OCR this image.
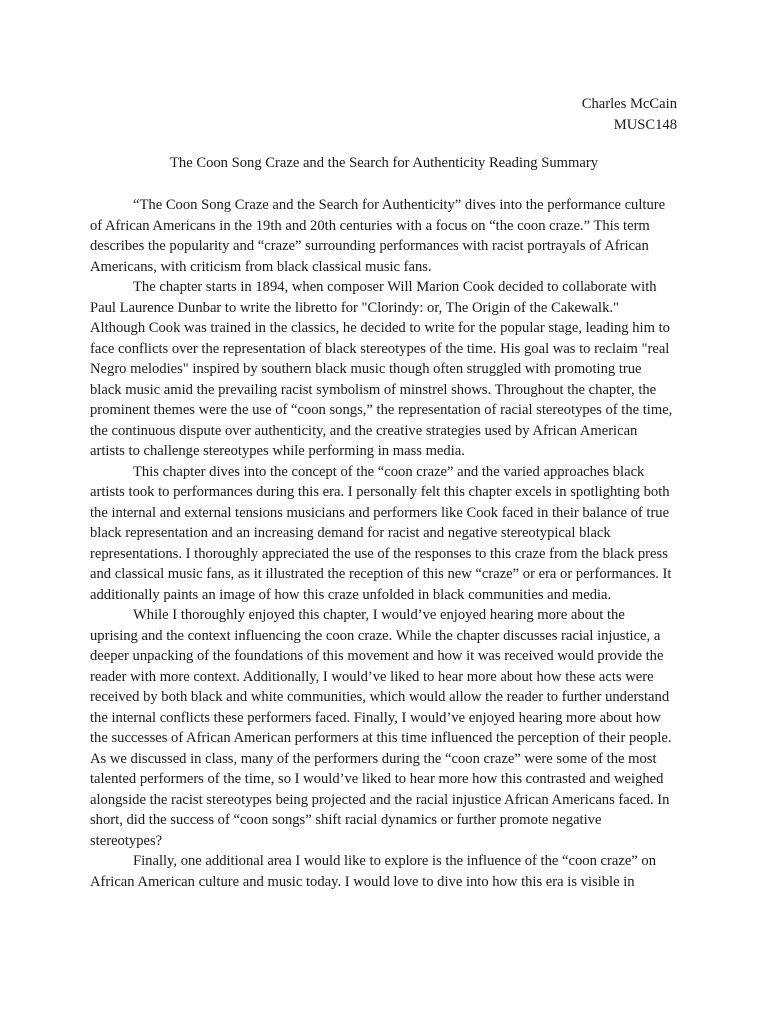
Charles McCain
MUSC148
The Coon Song Craze and the Search for Authenticity Reading Summary

“The Coon Song Craze and the Search for Authenticity” dives into the performance culture of African Americans in the 19th and 20th centuries with a focus on “the coon craze.” This term describes the popularity and “craze” surrounding performances with racist portrayals of African Americans, with criticism from black classical music fans.

The chapter starts in 1894, when composer Will Marion Cook decided to collaborate with Paul Laurence Dunbar to write the libretto for "Clorindy: or, The Origin of the Cakewalk." Although Cook was trained in the classics, he decided to write for the popular stage, leading him to face conflicts over the representation of black stereotypes of the time. His goal was to reclaim "real Negro melodies" inspired by southern black music though often struggled with promoting true black music amid the prevailing racist symbolism of minstrel shows. Throughout the chapter, the prominent themes were the use of “coon songs,” the representation of racial stereotypes of the time, the continuous dispute over authenticity, and the creative strategies used by African American artists to challenge stereotypes while performing in mass media.

This chapter dives into the concept of the “coon craze” and the varied approaches black artists took to performances during this era. I personally felt this chapter excels in spotlighting both the internal and external tensions musicians and performers like Cook faced in their balance of true black representation and an increasing demand for racist and negative stereotypical black representations. I thoroughly appreciated the use of the responses to this craze from the black press and classical music fans, as it illustrated the reception of this new “craze” or era or performances. It additionally paints an image of how this craze unfolded in black communities and media.

While I thoroughly enjoyed this chapter, I would’ve enjoyed hearing more about the uprising and the context influencing the coon craze. While the chapter discusses racial injustice, a deeper unpacking of the foundations of this movement and how it was received would provide the reader with more context. Additionally, I would’ve liked to hear more about how these acts were received by both black and white communities, which would allow the reader to further understand the internal conflicts these performers faced. Finally, I would’ve enjoyed hearing more about how the successes of African American performers at this time influenced the perception of their people. As we discussed in class, many of the performers during the “coon craze” were some of the most talented performers of the time, so I would’ve liked to hear more how this contrasted and weighed alongside the racist stereotypes being projected and the racial injustice African Americans faced. In short, did the success of “coon songs” shift racial dynamics or further promote negative stereotypes?

Finally, one additional area I would like to explore is the influence of the “coon craze” on African American culture and music today. I would love to dive into how this era is visible in
